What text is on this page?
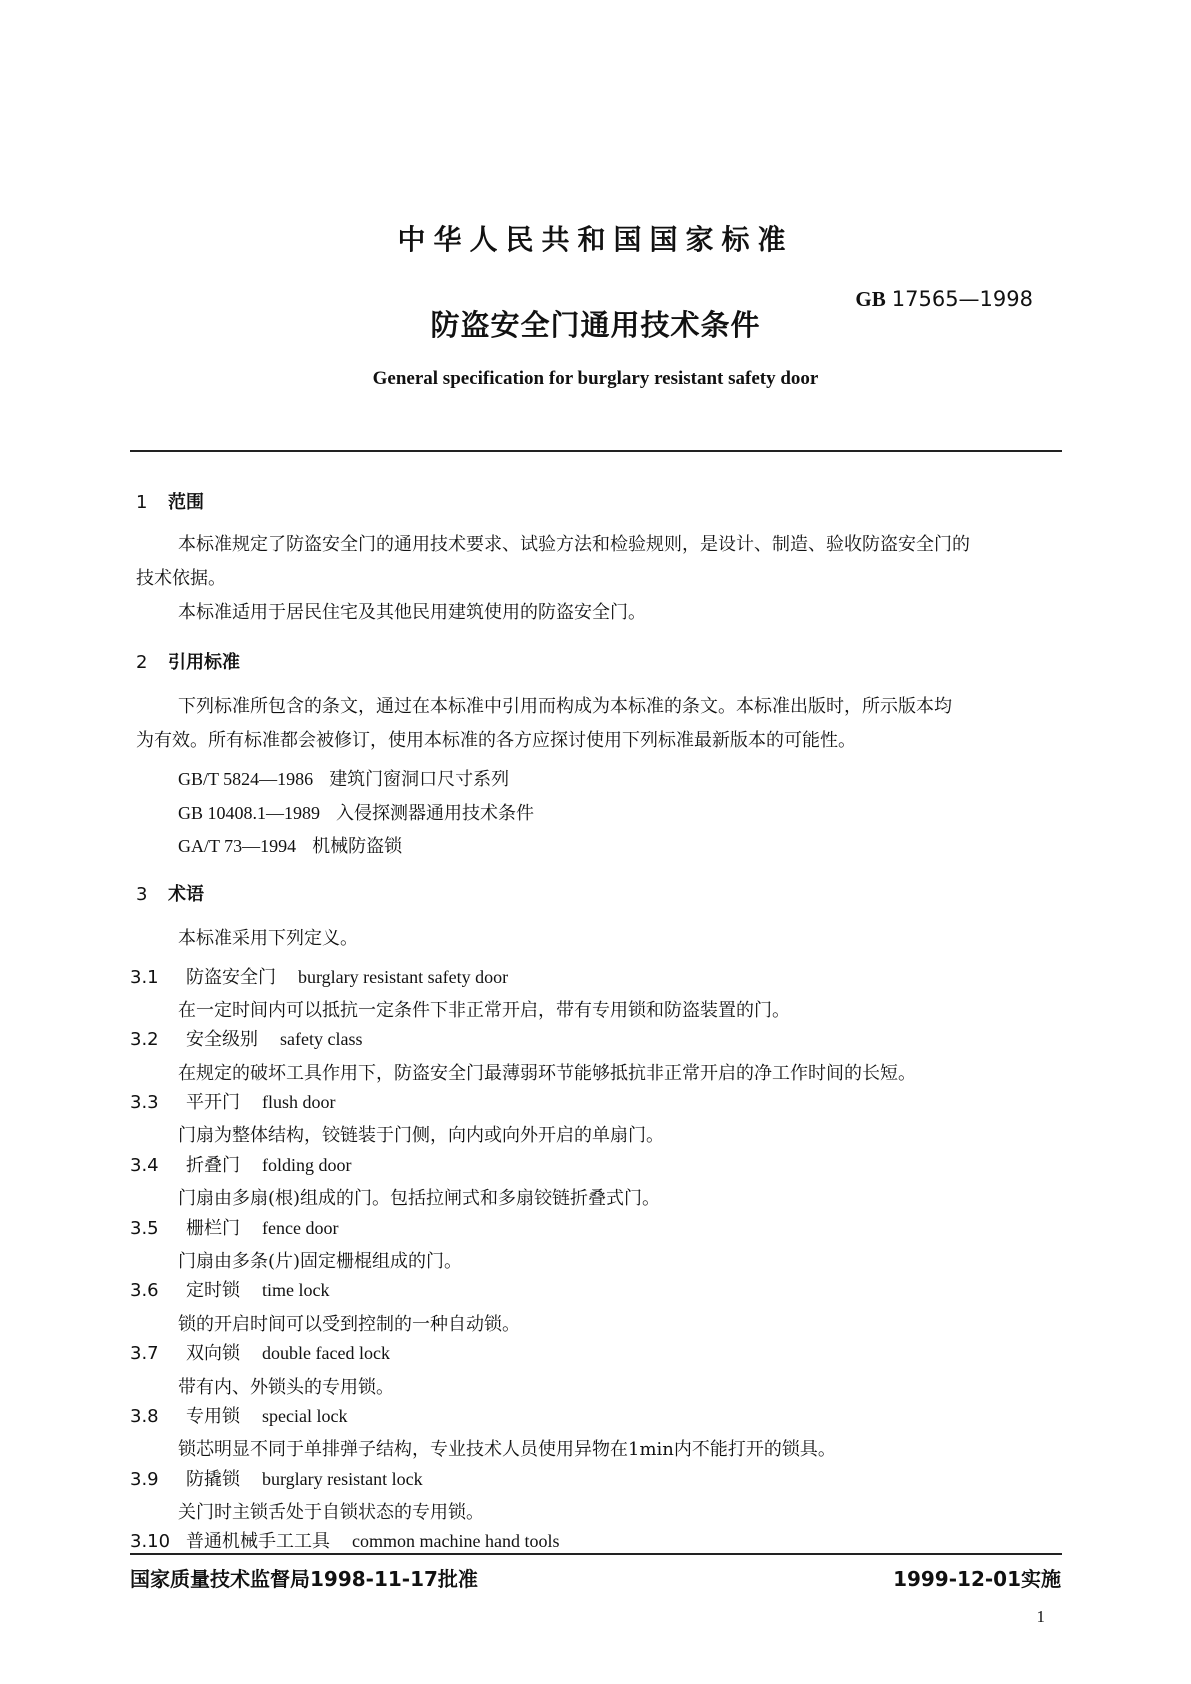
中华人民共和国国家标准
GB 17565—1998
防盗安全门通用技术条件
General specification for burglary resistant safety door
1 范围
本标准规定了防盗安全门的通用技术要求、试验方法和检验规则，是设计、制造、验收防盗安全门的
技术依据。
本标准适用于居民住宅及其他民用建筑使用的防盗安全门。
2 引用标准
下列标准所包含的条文，通过在本标准中引用而构成为本标准的条文。本标准出版时，所示版本均
为有效。所有标准都会被修订，使用本标准的各方应探讨使用下列标准最新版本的可能性。
GB/T 5824—1986 建筑门窗洞口尺寸系列
GB 10408.1—1989 入侵探测器通用技术条件
GA/T 73—1994 机械防盗锁
3 术语
本标准采用下列定义。
3.1 防盗安全门 burglary resistant safety door
在一定时间内可以抵抗一定条件下非正常开启，带有专用锁和防盗装置的门。
3.2 安全级别 safety class
在规定的破坏工具作用下，防盗安全门最薄弱环节能够抵抗非正常开启的净工作时间的长短。
3.3 平开门 flush door
门扇为整体结构，铰链装于门侧，向内或向外开启的单扇门。
3.4 折叠门 folding door
门扇由多扇(根)组成的门。包括拉闸式和多扇铰链折叠式门。
3.5 栅栏门 fence door
门扇由多条(片)固定栅棍组成的门。
3.6 定时锁 time lock
锁的开启时间可以受到控制的一种自动锁。
3.7 双向锁 double faced lock
带有内、外锁头的专用锁。
3.8 专用锁 special lock
锁芯明显不同于单排弹子结构，专业技术人员使用异物在1min内不能打开的锁具。
3.9 防撬锁 burglary resistant lock
关门时主锁舌处于自锁状态的专用锁。
3.10 普通机械手工工具 common machine hand tools
国家质量技术监督局1998-11-17批准	1999-12-01实施
1
